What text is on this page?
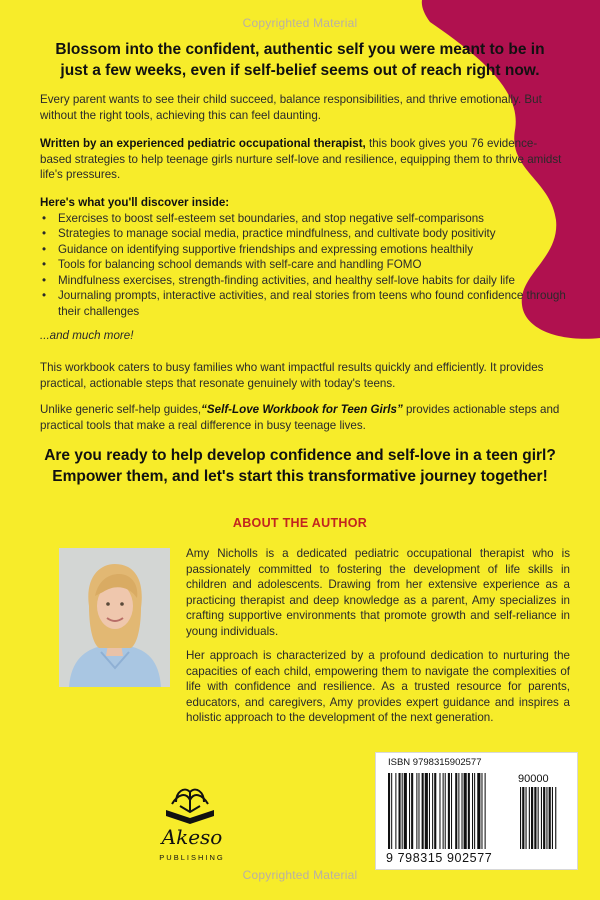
Copyrighted Material
Blossom into the confident, authentic self you were meant to be in just a few weeks, even if self-belief seems out of reach right now.
Every parent wants to see their child succeed, balance responsibilities, and thrive emotionally. But without the right tools, achieving this can feel daunting.
Written by an experienced pediatric occupational therapist, this book gives you 76 evidence-based strategies to help teenage girls nurture self-love and resilience, equipping them to thrive amidst life's pressures.
Here's what you'll discover inside:
• Exercises to boost self-esteem set boundaries, and stop negative self-comparisons
• Strategies to manage social media, practice mindfulness, and cultivate body positivity
• Guidance on identifying supportive friendships and expressing emotions healthily
• Tools for balancing school demands with self-care and handling FOMO
• Mindfulness exercises, strength-finding activities, and healthy self-love habits for daily life
• Journaling prompts, interactive activities, and real stories from teens who found confidence through their challenges
...and much more!
This workbook caters to busy families who want impactful results quickly and efficiently. It provides practical, actionable steps that resonate genuinely with today's teens.
Unlike generic self-help guides,“Self-Love Workbook for Teen Girls” provides actionable steps and practical tools that make a real difference in busy teenage lives.
Are you ready to help develop confidence and self-love in a teen girl? Empower them, and let's start this transformative journey together!
ABOUT THE AUTHOR
Amy Nicholls is a dedicated pediatric occupational therapist who is passionately committed to fostering the development of life skills in children and adolescents. Drawing from her extensive experience as a practicing therapist and deep knowledge as a parent, Amy specializes in crafting supportive environments that promote growth and self-reliance in young individuals.
Her approach is characterized by a profound dedication to nurturing the capacities of each child, empowering them to navigate the complexities of life with confidence and resilience. As a trusted resource for parents, educators, and caregivers, Amy provides expert guidance and inspires a holistic approach to the development of the next generation.
Akeso
PUBLISHING
ISBN 9798315902577
90000
9 798315 902577
Copyrighted Material
